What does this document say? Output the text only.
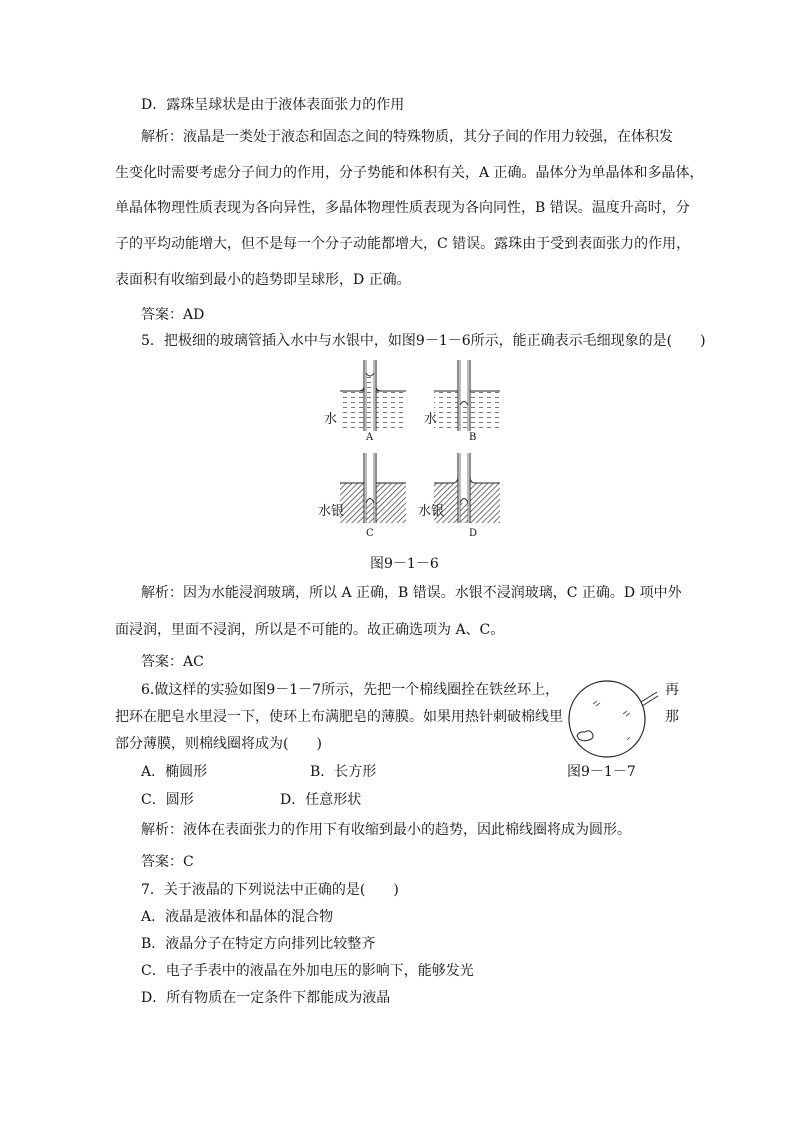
D．露珠呈球状是由于液体表面张力的作用
解析：液晶是一类处于液态和固态之间的特殊物质，其分子间的作用力较强，在体积发
生变化时需要考虑分子间力的作用，分子势能和体积有关，A 正确。晶体分为单晶体和多晶体，
单晶体物理性质表现为各向异性，多晶体物理性质表现为各向同性，B 错误。温度升高时，分
子的平均动能增大，但不是每一个分子动能都增大，C 错误。露珠由于受到表面张力的作用，
表面积有收缩到最小的趋势即呈球形，D 正确。
答案：AD
5．把极细的玻璃管插入水中与水银中，如图9－1－6所示，能正确表示毛细现象的是(　　)
水	水
水银	水银
A	B
C	D
图9－1－6
解析：因为水能浸润玻璃，所以 A 正确，B 错误。水银不浸润玻璃，C 正确。D 项中外
面浸润，里面不浸润，所以是不可能的。故正确选项为 A、C。
答案：AC
6.做这样的实验如图9－1－7所示，先把一个棉线圈拴在铁丝环上，
把环在肥皂水里浸一下，使环上布满肥皂的薄膜。如果用热针刺破棉线里
部分薄膜，则棉线圈将成为(　　)
再
那
A．椭圆形	B．长方形	图9－1－7
C．圆形	D．任意形状
解析：液体在表面张力的作用下有收缩到最小的趋势，因此棉线圈将成为圆形。
答案：C
7．关于液晶的下列说法中正确的是(　　)
A．液晶是液体和晶体的混合物
B．液晶分子在特定方向排列比较整齐
C．电子手表中的液晶在外加电压的影响下，能够发光
D．所有物质在一定条件下都能成为液晶
